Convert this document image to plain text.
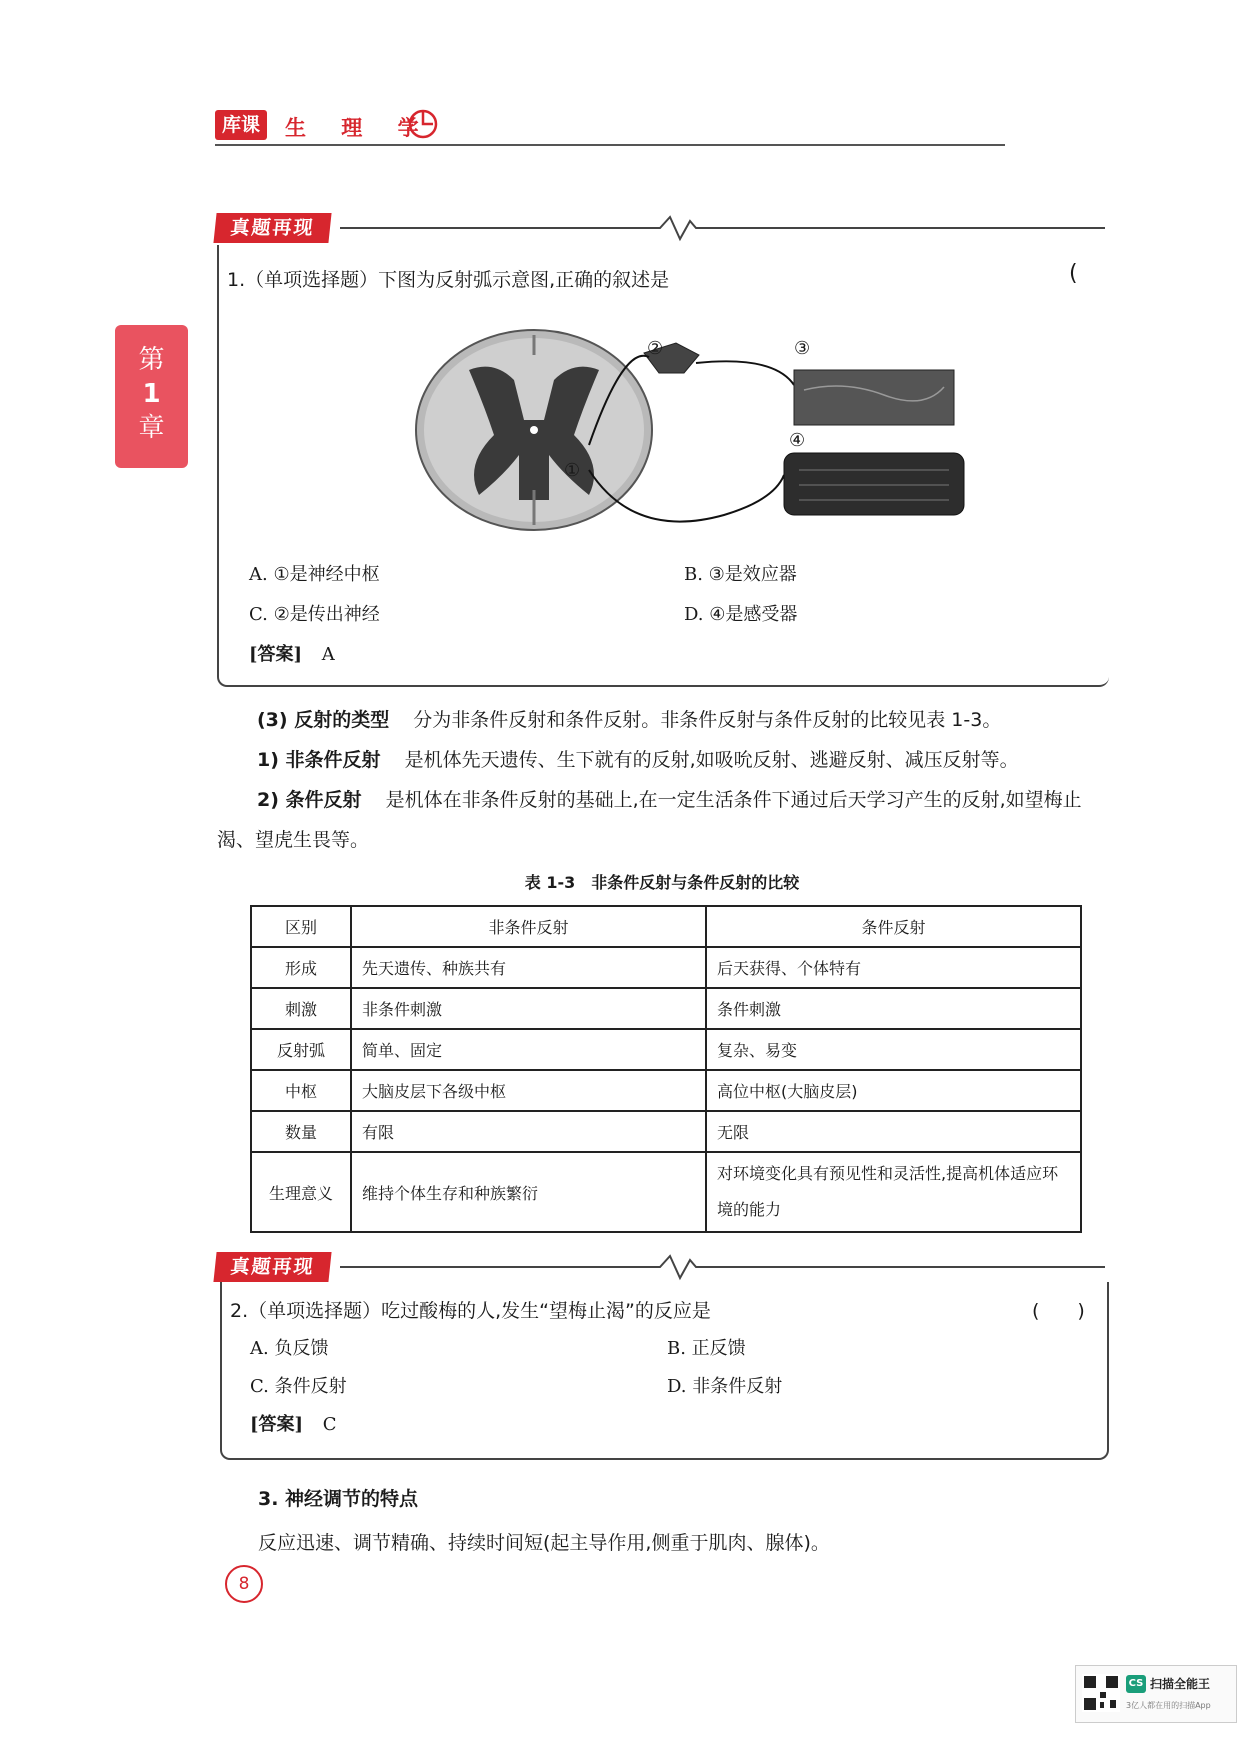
库课	生 理 学
第
1
章
真题再现
1.（单项选择题）下图为反射弧示意图,正确的叙述是	(
①
②	③
④
A. ①是神经中枢	B. ③是效应器
C. ②是传出神经	D. ④是感受器
[答案] A
(3) 反射的类型 分为非条件反射和条件反射。非条件反射与条件反射的比较见表 1-3。
1) 非条件反射 是机体先天遗传、生下就有的反射,如吸吮反射、逃避反射、减压反射等。
2) 条件反射 是机体在非条件反射的基础上,在一定生活条件下通过后天学习产生的反射,如望梅止
渴、望虎生畏等。
表 1-3　非条件反射与条件反射的比较
区别	非条件反射	条件反射
形成	先天遗传、种族共有	后天获得、个体特有
刺激	非条件刺激	条件刺激
反射弧	简单、固定	复杂、易变
中枢	大脑皮层下各级中枢	高位中枢(大脑皮层)
数量	有限	无限
生理意义	维持个体生存和种族繁衍	对环境变化具有预见性和灵活性,提高机体适应环境的能力
真题再现
2.（单项选择题）吃过酸梅的人,发生“望梅止渴”的反应是	(　　)
A. 负反馈	B. 正反馈
C. 条件反射	D. 非条件反射
[答案] C
3. 神经调节的特点
反应迅速、调节精确、持续时间短(起主导作用,侧重于肌肉、腺体)。
8
CS 扫描全能王
3亿人都在用的扫描App
